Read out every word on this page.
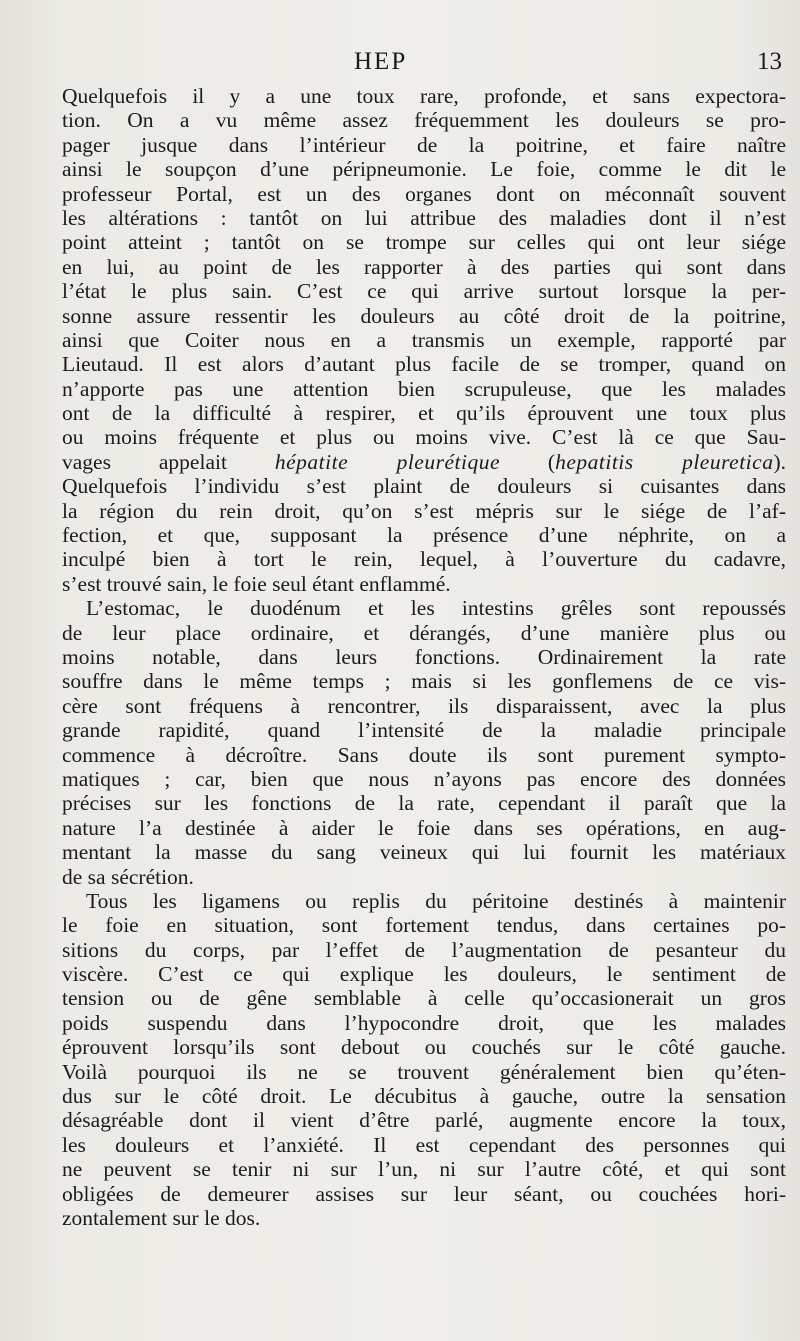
HEP	13
Quelquefois il y a une toux rare, profonde, et sans expectora-
tion. On a vu même assez fréquemment les douleurs se pro-
pager jusque dans l’intérieur de la poitrine, et faire naître
ainsi le soupçon d’une péripneumonie. Le foie, comme le dit le
professeur Portal, est un des organes dont on méconnaît souvent
les altérations : tantôt on lui attribue des maladies dont il n’est
point atteint ; tantôt on se trompe sur celles qui ont leur siége
en lui, au point de les rapporter à des parties qui sont dans
l’état le plus sain. C’est ce qui arrive surtout lorsque la per-
sonne assure ressentir les douleurs au côté droit de la poitrine,
ainsi que Coiter nous en a transmis un exemple, rapporté par
Lieutaud. Il est alors d’autant plus facile de se tromper, quand on
n’apporte pas une attention bien scrupuleuse, que les malades
ont de la difficulté à respirer, et qu’ils éprouvent une toux plus
ou moins fréquente et plus ou moins vive. C’est là ce que Sau-
vages appelait hépatite pleurétique (hepatitis pleuretica).
Quelquefois l’individu s’est plaint de douleurs si cuisantes dans
la région du rein droit, qu’on s’est mépris sur le siége de l’af-
fection, et que, supposant la présence d’une néphrite, on a
inculpé bien à tort le rein, lequel, à l’ouverture du cadavre,
s’est trouvé sain, le foie seul étant enflammé.
L’estomac, le duodénum et les intestins grêles sont repoussés
de leur place ordinaire, et dérangés, d’une manière plus ou
moins notable, dans leurs fonctions. Ordinairement la rate
souffre dans le même temps ; mais si les gonflemens de ce vis-
cère sont fréquens à rencontrer, ils disparaissent, avec la plus
grande rapidité, quand l’intensité de la maladie principale
commence à décroître. Sans doute ils sont purement sympto-
matiques ; car, bien que nous n’ayons pas encore des données
précises sur les fonctions de la rate, cependant il paraît que la
nature l’a destinée à aider le foie dans ses opérations, en aug-
mentant la masse du sang veineux qui lui fournit les matériaux
de sa sécrétion.
Tous les ligamens ou replis du péritoine destinés à maintenir
le foie en situation, sont fortement tendus, dans certaines po-
sitions du corps, par l’effet de l’augmentation de pesanteur du
viscère. C’est ce qui explique les douleurs, le sentiment de
tension ou de gêne semblable à celle qu’occasionerait un gros
poids suspendu dans l’hypocondre droit, que les malades
éprouvent lorsqu’ils sont debout ou couchés sur le côté gauche.
Voilà pourquoi ils ne se trouvent généralement bien qu’éten-
dus sur le côté droit. Le décubitus à gauche, outre la sensation
désagréable dont il vient d’être parlé, augmente encore la toux,
les douleurs et l’anxiété. Il est cependant des personnes qui
ne peuvent se tenir ni sur l’un, ni sur l’autre côté, et qui sont
obligées de demeurer assises sur leur séant, ou couchées hori-
zontalement sur le dos.
